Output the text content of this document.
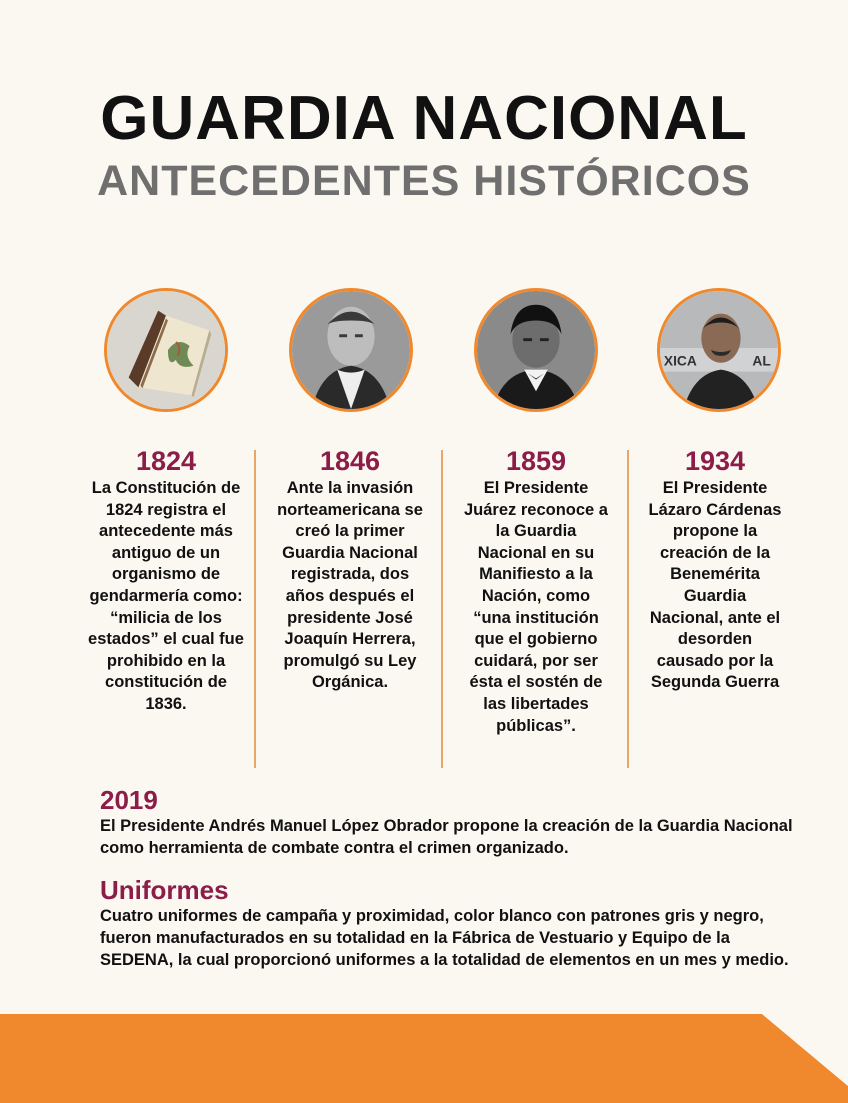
GUARDIA NACIONAL
ANTECEDENTES HISTÓRICOS
XICA	AL
1824
La Constitución de 1824 registra el antecedente más antiguo de un organismo de gendarmería como: “milicia de los estados” el cual fue prohibido en la constitución de 1836.
1846
Ante la invasión norteamericana se creó la primer Guardia Nacional registrada, dos años después el presidente José Joaquín Herrera, promulgó su Ley Orgánica.
1859
El Presidente Juárez reconoce a la Guardia Nacional en su Manifiesto a la Nación, como “una institución que el gobierno cuidará, por ser ésta el sostén de las libertades públicas”.
1934
El Presidente Lázaro Cárdenas propone la creación de la Benemérita Guardia Nacional, ante el desorden causado por la Segunda Guerra
2019
El Presidente Andrés Manuel López Obrador propone la creación de la Guardia Nacional como herramienta de combate contra el crimen organizado.
Uniformes
Cuatro uniformes de campaña y proximidad, color blanco con patrones gris y negro, fueron manufacturados en su totalidad en la Fábrica de Vestuario y Equipo de la SEDENA, la cual proporcionó uniformes a la totalidad de elementos en un mes y medio.
